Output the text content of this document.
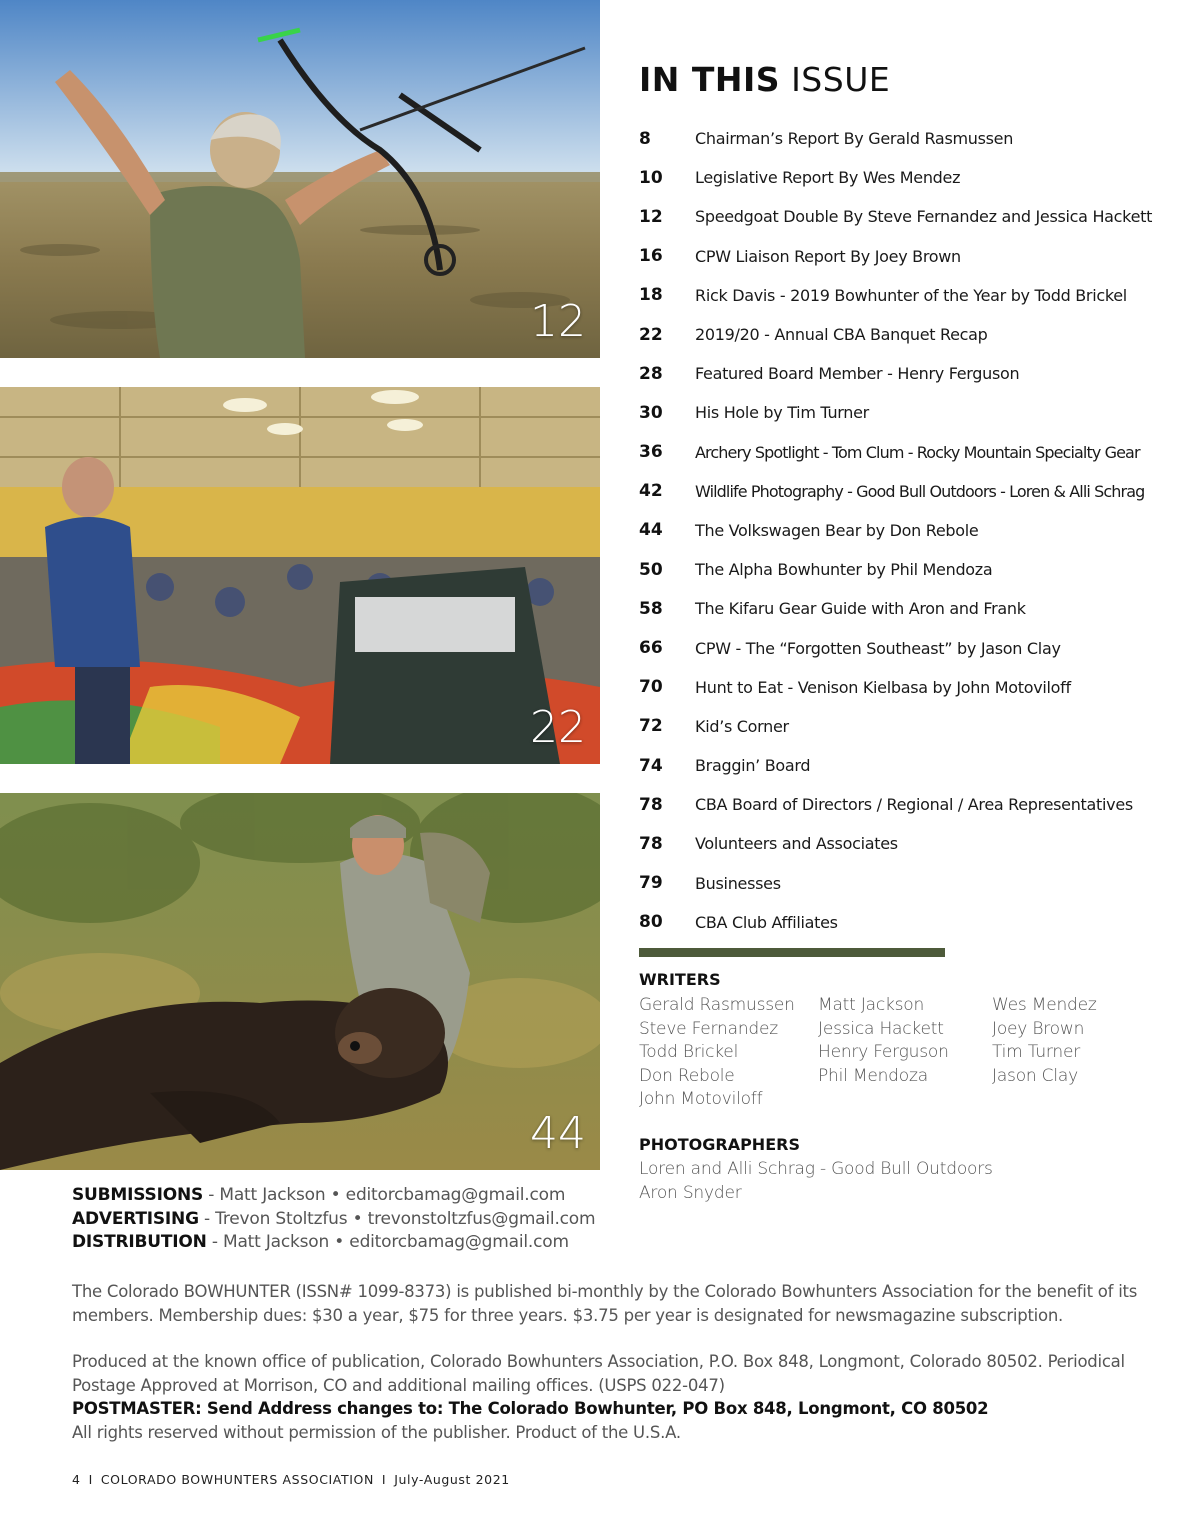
12
22
44
IN THIS ISSUE
8	Chairman’s Report By Gerald Rasmussen
10	Legislative Report By Wes Mendez
12	Speedgoat Double By Steve Fernandez and Jessica Hackett
16	CPW Liaison Report By Joey Brown
18	Rick Davis - 2019 Bowhunter of the Year by Todd Brickel
22	2019/20 - Annual CBA Banquet Recap
28	Featured Board Member - Henry Ferguson
30	His Hole by Tim Turner
36	Archery Spotlight - Tom Clum - Rocky Mountain Specialty Gear
42	Wildlife Photography - Good Bull Outdoors - Loren & Alli Schrag
44	The Volkswagen Bear by Don Rebole
50	The Alpha Bowhunter by Phil Mendoza
58	The Kifaru Gear Guide with Aron and Frank
66	CPW - The “Forgotten Southeast” by Jason Clay
70	Hunt to Eat - Venison Kielbasa by John Motoviloff
72	Kid’s Corner
74	Braggin’ Board
78	CBA Board of Directors / Regional / Area Representatives
78	Volunteers and Associates
79	Businesses
80	CBA Club Affiliates
WRITERS
Gerald Rasmussen
Steve Fernandez
Todd Brickel
Don Rebole
John Motoviloff
Matt Jackson
Jessica Hackett
Henry Ferguson
Phil Mendoza
Wes Mendez
Joey Brown
Tim Turner
Jason Clay
PHOTOGRAPHERS
Loren and Alli Schrag - Good Bull Outdoors
Aron Snyder
SUBMISSIONS - Matt Jackson • editorcbamag@gmail.com
ADVERTISING - Trevon Stoltzfus • trevonstoltzfus@gmail.com
DISTRIBUTION - Matt Jackson • editorcbamag@gmail.com

The Colorado BOWHUNTER (ISSN# 1099-8373) is published bi-monthly by the Colorado Bowhunters Association for the benefit of its members. Membership dues: $30 a year, $75 for three years. $3.75 per year is designated for newsmagazine subscription.

Produced at the known office of publication, Colorado Bowhunters Association, P.O. Box 848, Longmont, Colorado 80502. Periodical Postage Approved at Morrison, CO and additional mailing offices. (USPS 022-047)

POSTMASTER: Send Address changes to: The Colorado Bowhunter, PO Box 848, Longmont, CO 80502

All rights reserved without permission of the publisher. Product of the U.S.A.

4 I COLORADO BOWHUNTERS ASSOCIATION I July-August 2021
